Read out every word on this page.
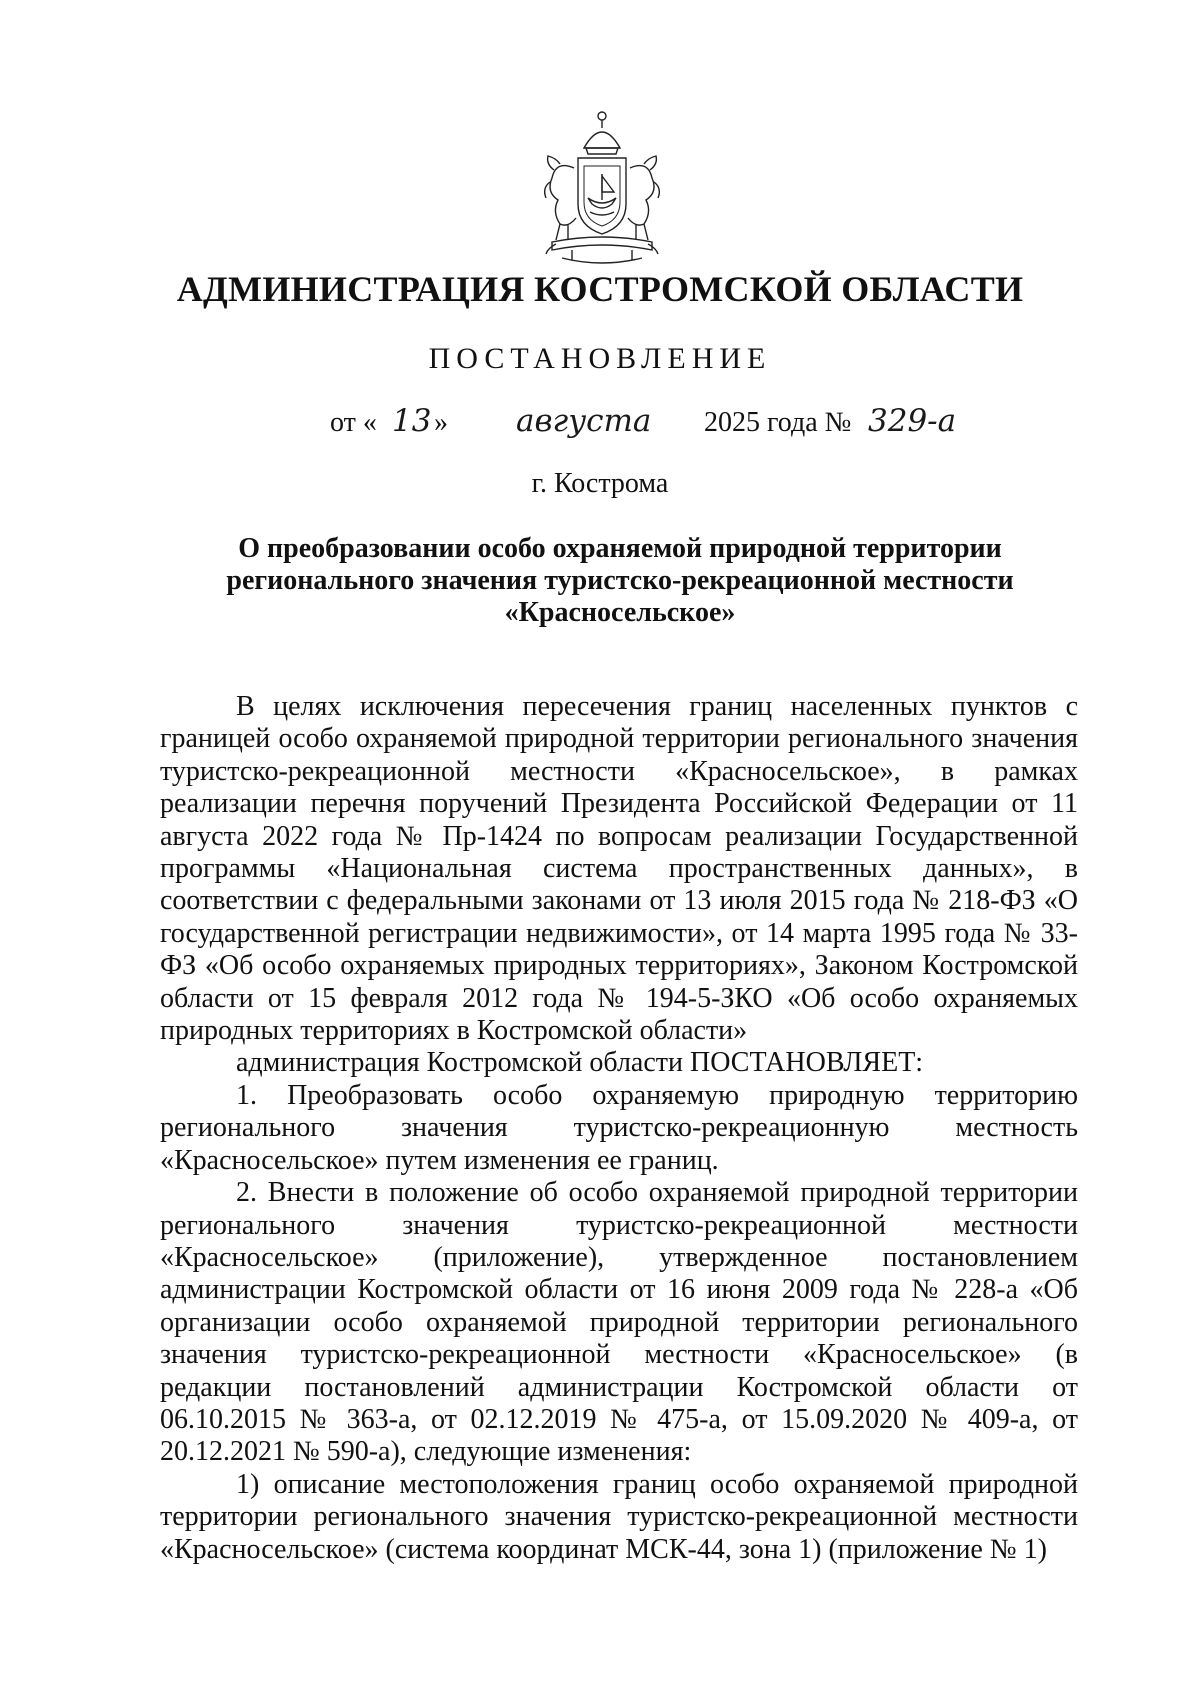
АДМИНИСТРАЦИЯ КОСТРОМСКОЙ ОБЛАСТИ
ПОСТАНОВЛЕНИЕ
от « 13 » августа 2025 года № 329-а
г. Кострома
О преобразовании особо охраняемой природной территории
регионального значения туристско-рекреационной местности
«Красносельское»

В целях исключения пересечения границ населенных пунктов с границей особо охраняемой природной территории регионального значения туристско-рекреационной местности «Красносельское», в рамках реализации перечня поручений Президента Российской Федерации от 11 августа 2022 года № Пр-1424 по вопросам реализации Государственной программы «Национальная система пространственных данных», в соответствии с федеральными законами от 13 июля 2015 года № 218-ФЗ «О государственной регистрации недвижимости», от 14 марта 1995 года № 33-ФЗ «Об особо охраняемых природных территориях», Законом Костромской области от 15 февраля 2012 года № 194-5-ЗКО «Об особо охраняемых природных территориях в Костромской области»

администрация Костромской области ПОСТАНОВЛЯЕТ:

1. Преобразовать особо охраняемую природную территорию регионального значения туристско-рекреационную местность «Красносельское» путем изменения ее границ.

2. Внести в положение об особо охраняемой природной территории регионального значения туристско-рекреационной местности «Красносельское» (приложение), утвержденное постановлением администрации Костромской области от 16 июня 2009 года № 228-а «Об организации особо охраняемой природной территории регионального значения туристско-рекреационной местности «Красносельское» (в редакции постановлений администрации Костромской области от 06.10.2015 № 363-а, от 02.12.2019 № 475-а, от 15.09.2020 № 409-а, от 20.12.2021 № 590-а), следующие изменения:

1) описание местоположения границ особо охраняемой природной территории регионального значения туристско-рекреационной местности «Красносельское» (система координат МСК-44, зона 1) (приложение № 1)
